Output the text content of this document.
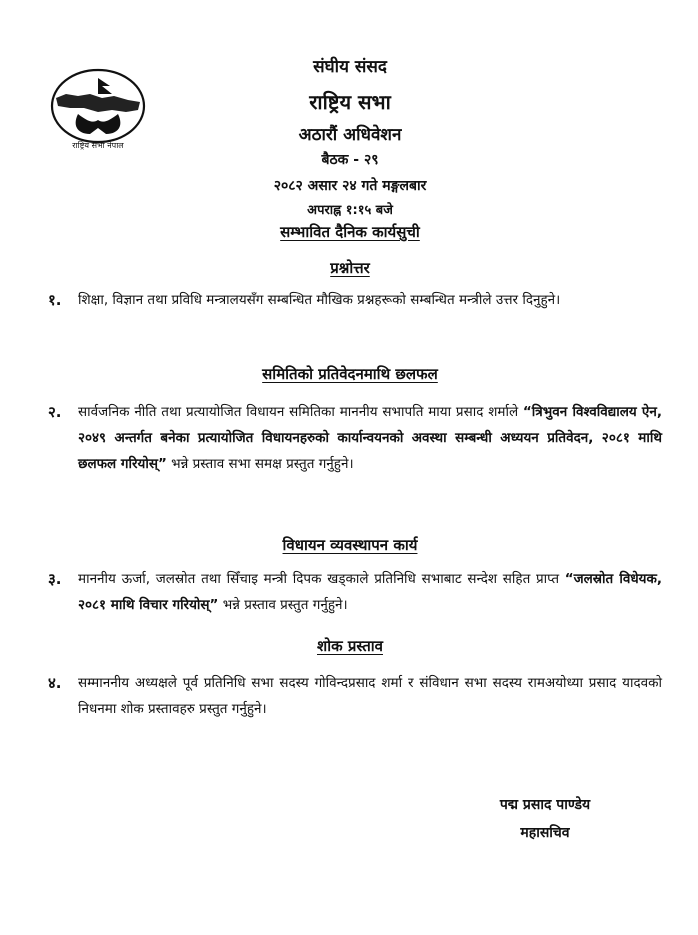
राष्ट्रिय सभा नेपाल
संघीय संसद
राष्ट्रिय सभा
अठारौं अधिवेशन
बैठक - २९
२०८२ असार २४ गते मङ्गलबार
अपराह्न १:१५ बजे
सम्भावित दैनिक कार्यसुची
प्रश्नोत्तर
१.	शिक्षा, विज्ञान तथा प्रविधि मन्त्रालयसँग सम्बन्धित मौखिक प्रश्नहरूको सम्बन्धित मन्त्रीले उत्तर दिनुहुने।
समितिको प्रतिवेदनमाथि छलफल
२.	सार्वजनिक नीति तथा प्रत्यायोजित विधायन समितिका माननीय सभापति माया प्रसाद शर्माले “त्रिभुवन विश्वविद्यालय ऐन, २०४९ अन्तर्गत बनेका प्रत्यायोजित विधायनहरुको कार्यान्वयनको अवस्था सम्बन्धी अध्ययन प्रतिवेदन, २०८१ माथि छलफल गरियोस्” भन्ने प्रस्ताव सभा समक्ष प्रस्तुत गर्नुहुने।
विधायन व्यवस्थापन कार्य
३.	माननीय ऊर्जा, जलस्रोत तथा सिँचाइ मन्त्री दिपक खड्काले प्रतिनिधि सभाबाट सन्देश सहित प्राप्त “जलस्रोत विधेयक, २०८१ माथि विचार गरियोस्” भन्ने प्रस्ताव प्रस्तुत गर्नुहुने।
शोक प्रस्ताव
४.	सम्माननीय अध्यक्षले पूर्व प्रतिनिधि सभा सदस्य गोविन्दप्रसाद शर्मा र संविधान सभा सदस्य रामअयोध्या प्रसाद यादवको निधनमा शोक प्रस्तावहरु प्रस्तुत गर्नुहुने।
पद्म प्रसाद पाण्डेय
महासचिव
